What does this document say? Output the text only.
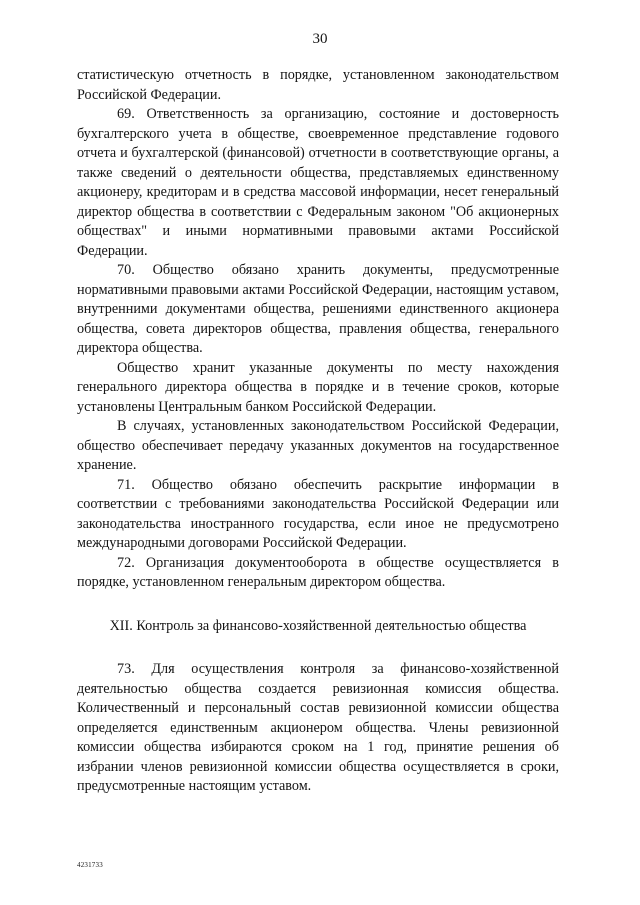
30

статистическую отчетность в порядке, установленном законодательством Российской Федерации.

69. Ответственность за организацию, состояние и достоверность бухгалтерского учета в обществе, своевременное представление годового отчета и бухгалтерской (финансовой) отчетности в соответствующие органы, а также сведений о деятельности общества, представляемых единственному акционеру, кредиторам и в средства массовой информации, несет генеральный директор общества в соответствии с Федеральным законом "Об акционерных обществах" и иными нормативными правовыми актами Российской Федерации.

70. Общество обязано хранить документы, предусмотренные нормативными правовыми актами Российской Федерации, настоящим уставом, внутренними документами общества, решениями единственного акционера общества, совета директоров общества, правления общества, генерального директора общества.

Общество хранит указанные документы по месту нахождения генерального директора общества в порядке и в течение сроков, которые установлены Центральным банком Российской Федерации.

В случаях, установленных законодательством Российской Федерации, общество обеспечивает передачу указанных документов на государственное хранение.

71. Общество обязано обеспечить раскрытие информации в соответствии с требованиями законодательства Российской Федерации или законодательства иностранного государства, если иное не предусмотрено международными договорами Российской Федерации.

72. Организация документооборота в обществе осуществляется в порядке, установленном генеральным директором общества.

XII. Контроль за финансово-хозяйственной деятельностью общества

73. Для осуществления контроля за финансово-хозяйственной деятельностью общества создается ревизионная комиссия общества. Количественный и персональный состав ревизионной комиссии общества определяется единственным акционером общества. Члены ревизионной комиссии общества избираются сроком на 1 год, принятие решения об избрании членов ревизионной комиссии общества осуществляется в сроки, предусмотренные настоящим уставом.

4231733
